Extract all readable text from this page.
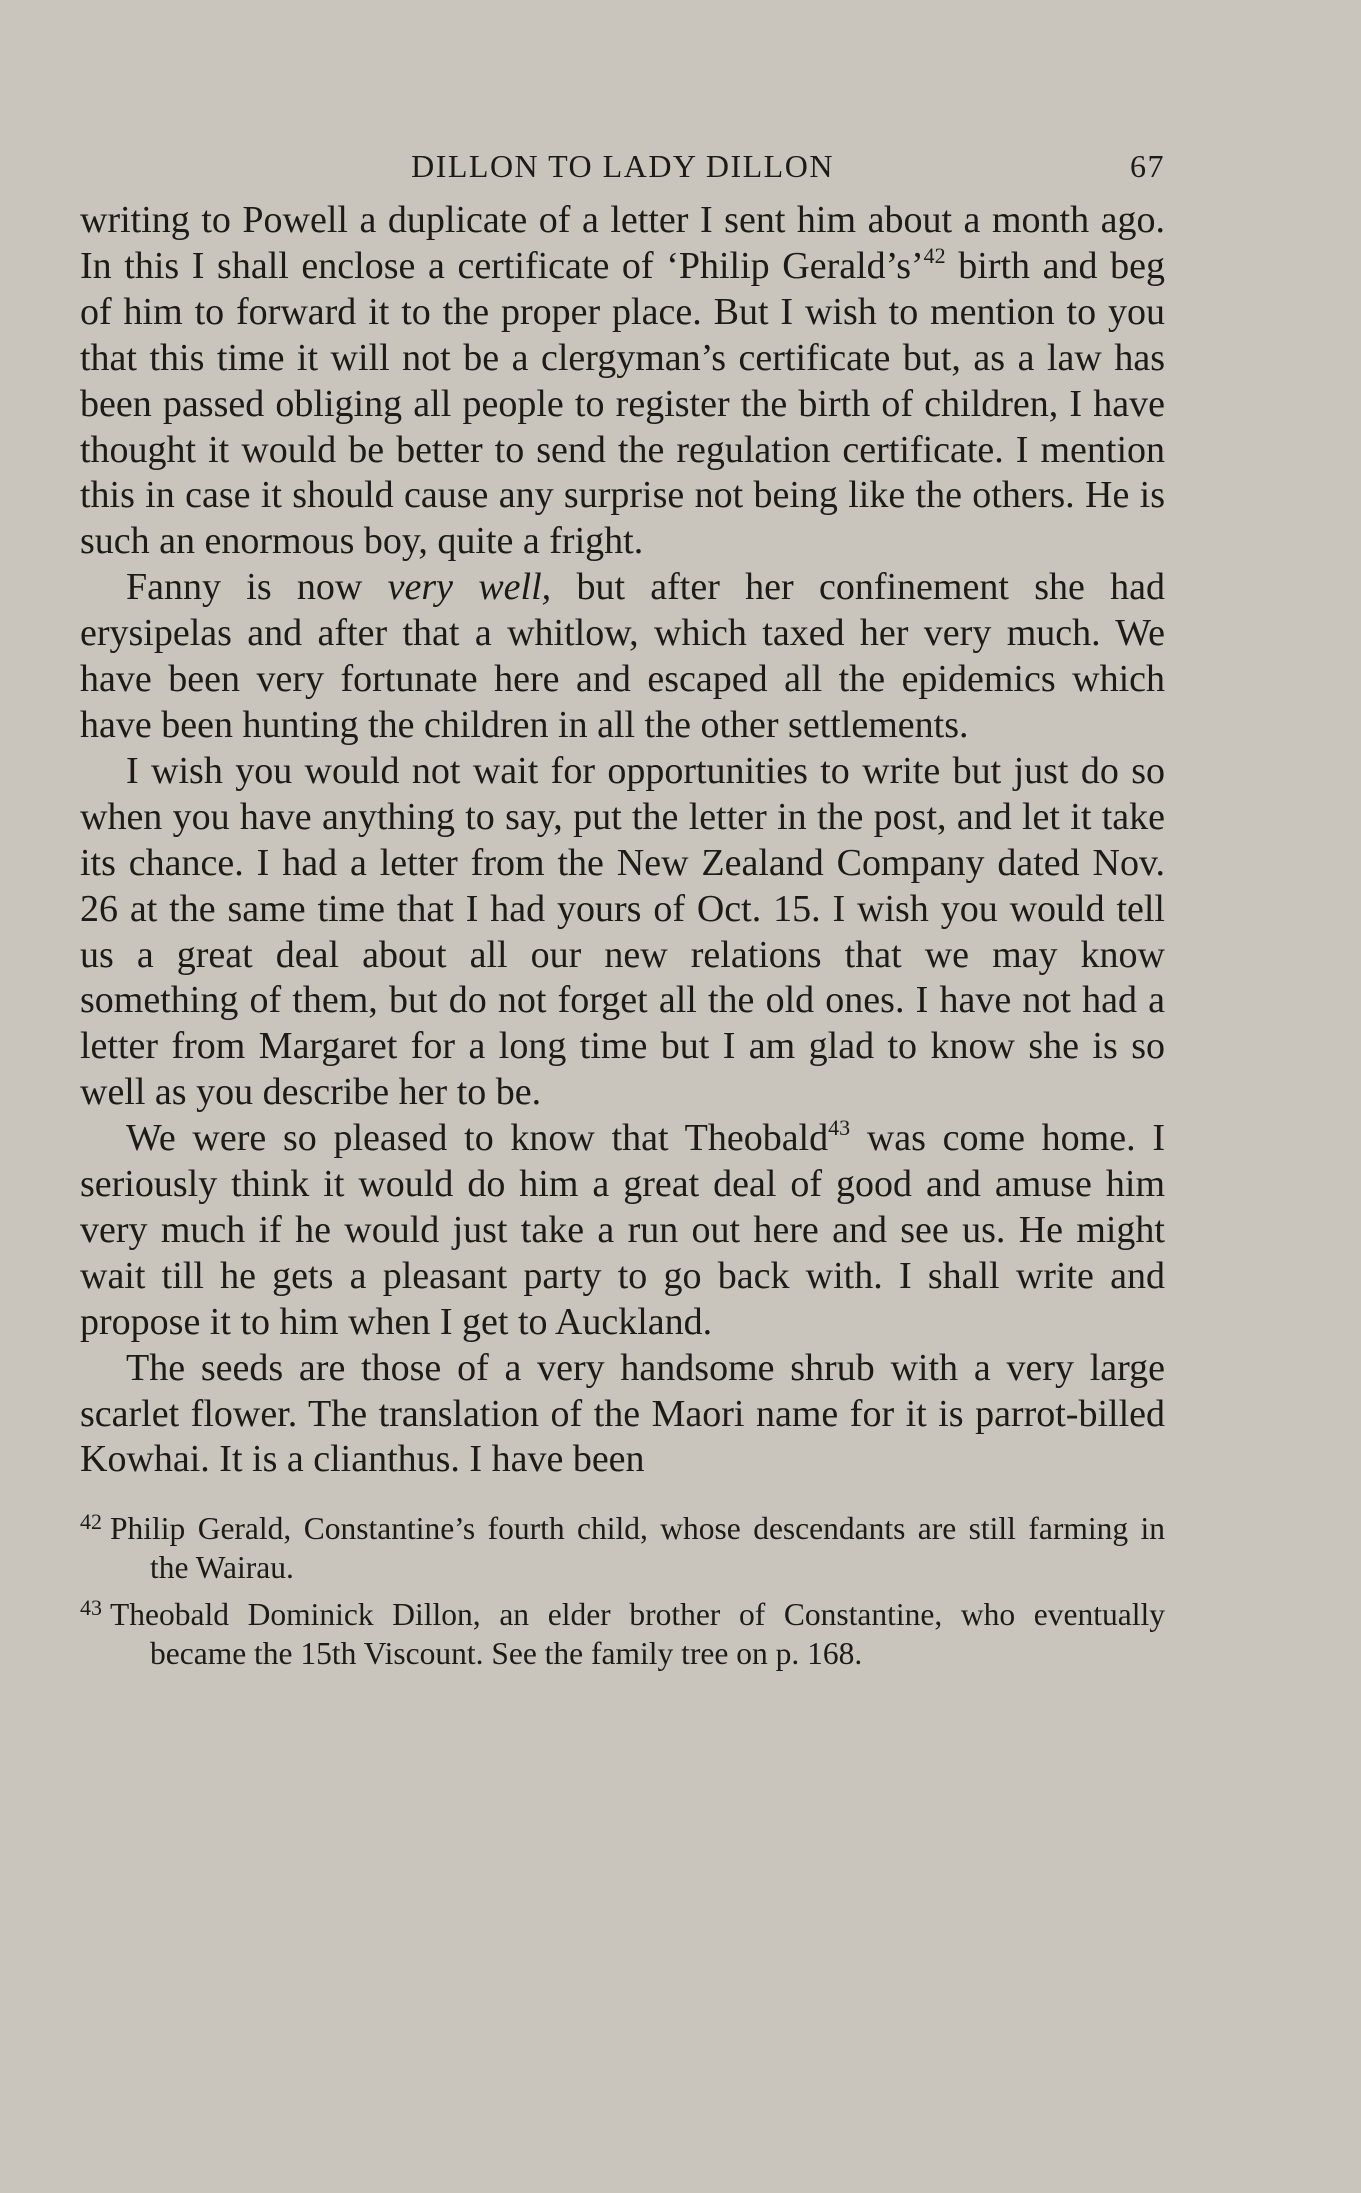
DILLON TO LADY DILLON	67

writing to Powell a duplicate of a letter I sent him about a month ago. In this I shall enclose a certificate of ‘Philip Gerald’s’$^{42}$ birth and beg of him to forward it to the proper place. But I wish to mention to you that this time it will not be a clergyman’s certificate but, as a law has been passed obliging all people to register the birth of children, I have thought it would be better to send the regulation certificate. I mention this in case it should cause any surprise not being like the others. He is such an enormous boy, quite a fright.

Fanny is now very well, but after her confinement she had erysipelas and after that a whitlow, which taxed her very much. We have been very fortunate here and escaped all the epidemics which have been hunting the children in all the other settlements.

I wish you would not wait for opportunities to write but just do so when you have anything to say, put the letter in the post, and let it take its chance. I had a letter from the New Zealand Company dated Nov. 26 at the same time that I had yours of Oct. 15. I wish you would tell us a great deal about all our new relations that we may know something of them, but do not forget all the old ones. I have not had a letter from Margaret for a long time but I am glad to know she is so well as you describe her to be.

We were so pleased to know that Theobald$^{43}$ was come home. I seriously think it would do him a great deal of good and amuse him very much if he would just take a run out here and see us. He might wait till he gets a pleasant party to go back with. I shall write and propose it to him when I get to Auckland.

The seeds are those of a very handsome shrub with a very large scarlet flower. The translation of the Maori name for it is parrot-billed Kowhai. It is a clianthus. I have been

42 Philip Gerald, Constantine’s fourth child, whose descendants are still farming in the Wairau.

43 Theobald Dominick Dillon, an elder brother of Constantine, who eventually became the 15th Viscount. See the family tree on p. 168.
